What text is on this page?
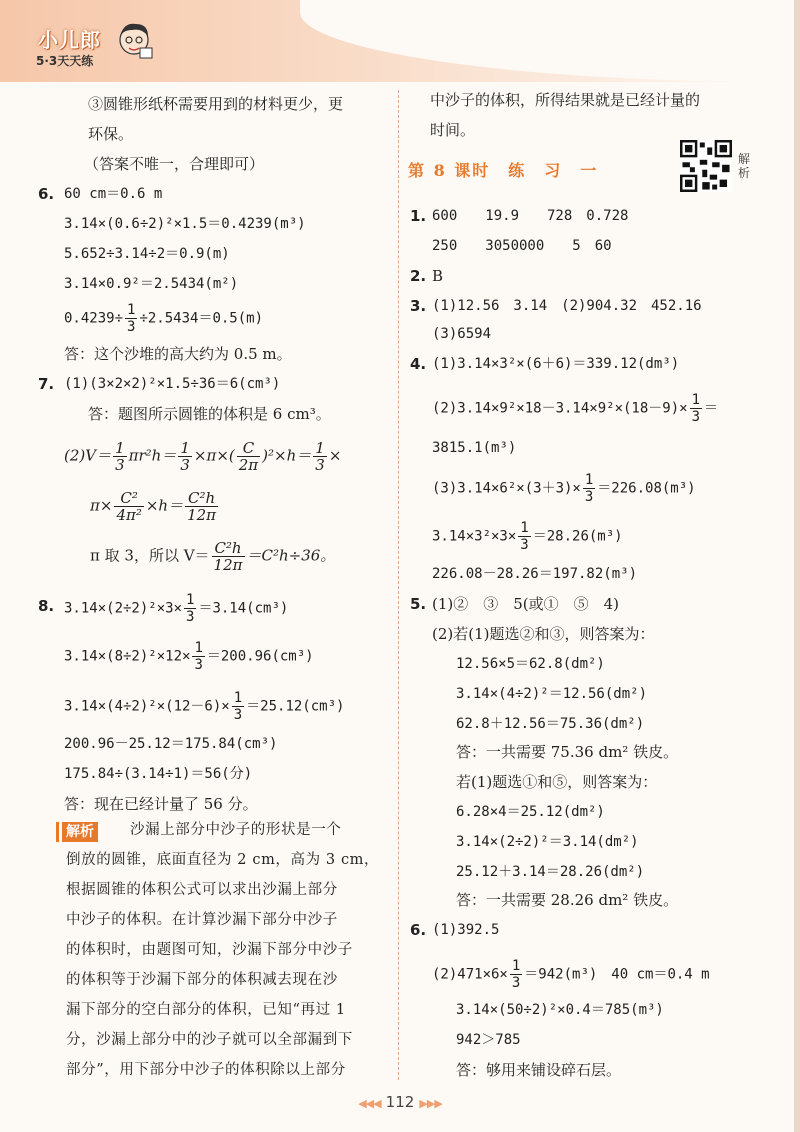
小儿郎
5·3天天练
③圆锥形纸杯需要用到的材料更少，更
环保。
（答案不唯一，合理即可）
6. 60 cm＝0.6 m
3.14×(0.6÷2)²×1.5＝0.4239(m³)
5.652÷3.14÷2＝0.9(m)
3.14×0.9²＝2.5434(m²)
$0.4239\div \frac{1}{3} \div 2.5434=0.5(m)$
答：这个沙堆的高大约为 0.5 m。
7. (1)(3×2×2)²×1.5÷36＝6(cm³)
答：题图所示圆锥的体积是 6 cm³。
$(2)V= \frac{1}{3} \pi r^2h= \frac{1}{3} \times\pi\times( \frac{C}{2\pi} )^2\times h= \frac{1}{3}$ ×
$\pi\times \frac{\text{C²}}{\text{4π²}} \times h= \frac{\text{C²h}}{12\pi}$
π 取 3，所以 $V= \frac{\text{C²h}}{12\pi} =C^2h\div 36$。
8. $3.14\times(2\div 2)^2\times 3\times \frac{1}{3} =3.14(cm^3)$
$3.14\times(8\div 2)^2\times 12\times \frac{1}{3} =200.96(cm^3)$
$3.14\times(4\div 2)^2\times(12-6)\times \frac{1}{3} =25.12(cm^3)$
200.96－25.12＝175.84(cm³)
175.84÷(3.14÷1)＝56(分)
答：现在已经计量了 56 分。
解析 沙漏上部分中沙子的形状是一个
倒放的圆锥，底面直径为 2 cm，高为 3 cm，
根据圆锥的体积公式可以求出沙漏上部分
中沙子的体积。在计算沙漏下部分中沙子
的体积时，由题图可知，沙漏下部分中沙子
的体积等于沙漏下部分的体积减去现在沙
漏下部分的空白部分的体积，已知“再过 1
分，沙漏上部分中的沙子就可以全部漏到下
部分”，用下部分中沙子的体积除以上部分
中沙子的体积，所得结果就是已经计量的
时间。
第 8 课时　练　习　一
解析
1. 600　　19.9　　728　0.728
250　　3050000　　5　60
2. B
3. (1)12.56　3.14　(2)904.32　452.16
(3)6594
4. (1)3.14×3²×(6＋6)＝339.12(dm³)
$(2)3.14\times 9^2\times 18-3.14\times 9^2\times(18-9)\times \frac{1}{3}$ ＝
3815.1(m³)
$(3)3.14\times 6^2\times(3+3)\times \frac{1}{3} =226.08(m^3)$
$3.14\times 3^2\times 3\times \frac{1}{3} =28.26(m^3)$
226.08－28.26＝197.82(m³)
5. (1)②　③　5(或①　⑤　4)
(2)若(1)题选②和③，则答案为：
12.56×5＝62.8(dm²)
3.14×(4÷2)²＝12.56(dm²)
62.8＋12.56＝75.36(dm²)
答：一共需要 75.36 dm² 铁皮。
若(1)题选①和⑤，则答案为：
6.28×4＝25.12(dm²)
3.14×(2÷2)²＝3.14(dm²)
25.12＋3.14＝28.26(dm²)
答：一共需要 28.26 dm² 铁皮。
6. (1)392.5
$(2)471\times 6\times \frac{1}{3} =942(m^3)$　40 cm＝0.4 m
3.14×(50÷2)²×0.4＝785(m³)
942＞785
答：够用来铺设碎石层。
◀◀◀ 112 ▶▶▶
